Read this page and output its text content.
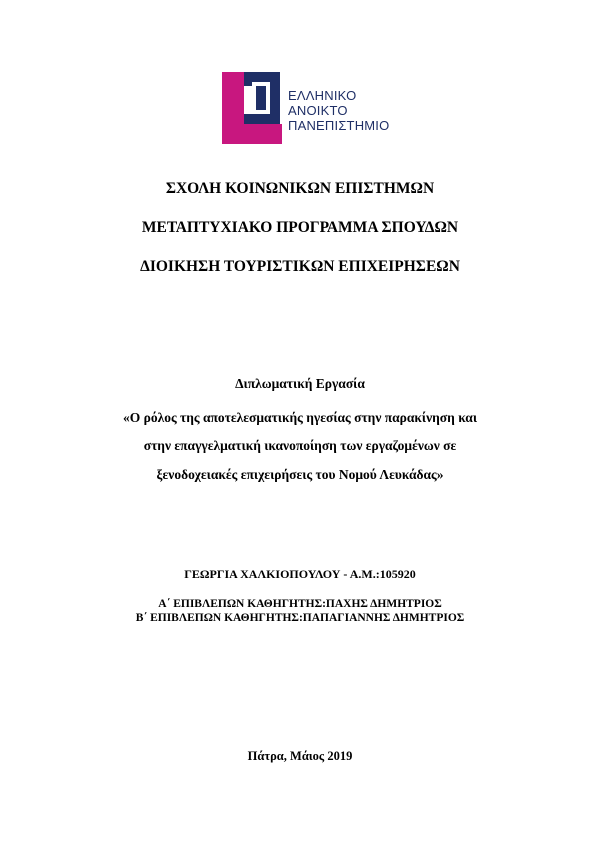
ΕΛΛΗΝΙΚΟ
ΑΝΟΙΚΤΟ
ΠΑΝΕΠΙΣΤΗΜΙΟ
ΣΧΟΛΗ ΚΟΙΝΩΝΙΚΩΝ ΕΠΙΣΤΗΜΩΝ
ΜΕΤΑΠΤΥΧΙΑΚΟ ΠΡΟΓΡΑΜΜΑ ΣΠΟΥΔΩΝ
ΔΙΟΙΚΗΣΗ ΤΟΥΡΙΣΤΙΚΩΝ ΕΠΙΧΕΙΡΗΣΕΩΝ
Διπλωματική Εργασία
«Ο ρόλος της αποτελεσματικής ηγεσίας στην παρακίνηση και
στην επαγγελματική ικανοποίηση των εργαζομένων σε
ξενοδοχειακές επιχειρήσεις του Νομού Λευκάδας»
ΓΕΩΡΓΙΑ ΧΑΛΚΙΟΠΟΥΛΟΥ - Α.Μ.:105920
Α΄ ΕΠΙΒΛΕΠΩΝ ΚΑΘΗΓΗΤΗΣ:ΠΑΧΗΣ ΔΗΜΗΤΡΙΟΣ
Β΄ ΕΠΙΒΛΕΠΩΝ ΚΑΘΗΓΗΤΗΣ:ΠΑΠΑΓΙΑΝΝΗΣ ΔΗΜΗΤΡΙΟΣ
Πάτρα, Μάιος 2019
